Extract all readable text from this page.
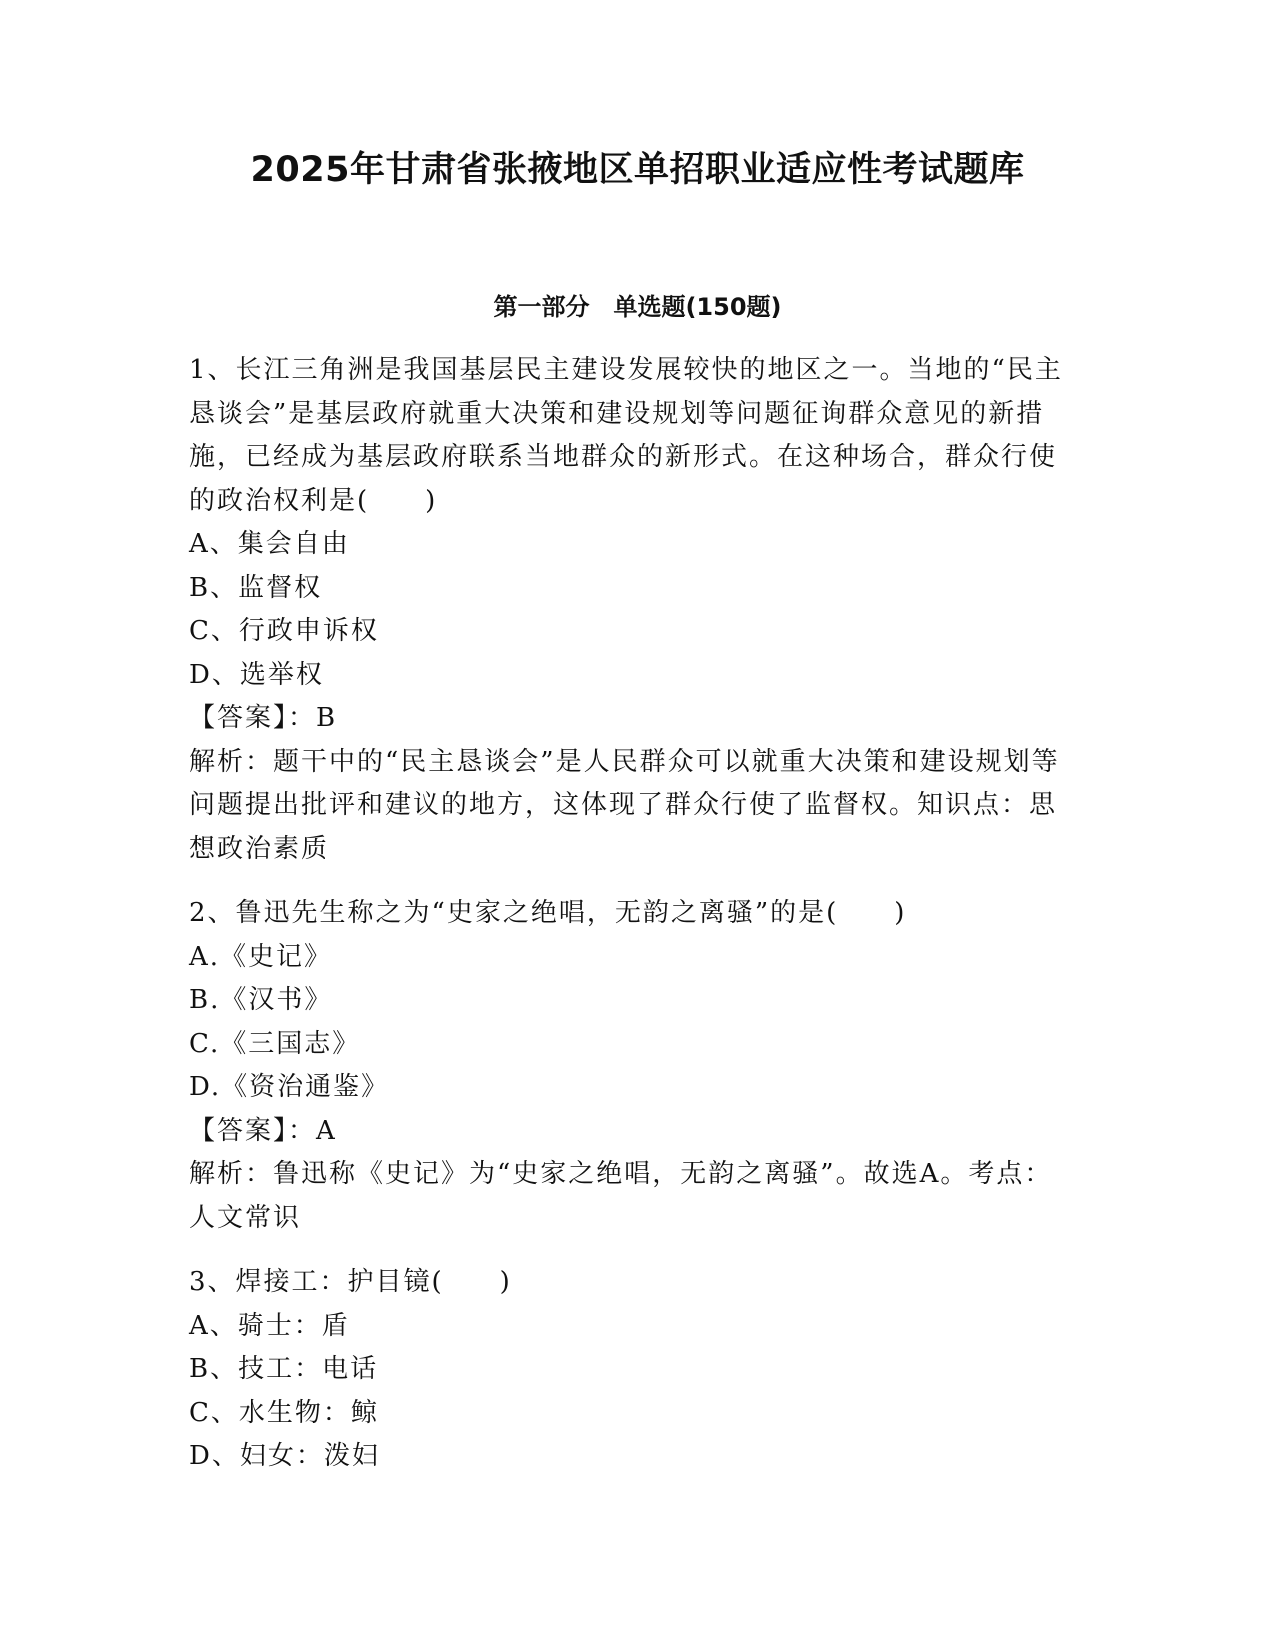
2025年甘肃省张掖地区单招职业适应性考试题库
第一部分　单选题(150题)

1、长江三角洲是我国基层民主建设发展较快的地区之一。当地的“民主恳谈会”是基层政府就重大决策和建设规划等问题征询群众意见的新措施，已经成为基层政府联系当地群众的新形式。在这种场合，群众行使的政治权利是(　　)

A、集会自由

B、监督权

C、行政申诉权

D、选举权

【答案】：B

解析：题干中的“民主恳谈会”是人民群众可以就重大决策和建设规划等问题提出批评和建议的地方，这体现了群众行使了监督权。知识点：思想政治素质

2、鲁迅先生称之为“史家之绝唱，无韵之离骚”的是(　　)

A.《史记》

B.《汉书》

C.《三国志》

D.《资治通鉴》

【答案】：A

解析：鲁迅称《史记》为“史家之绝唱，无韵之离骚”。故选A。考点：人文常识

3、焊接工：护目镜(　　)

A、骑士：盾

B、技工：电话

C、水生物：鲸

D、妇女：泼妇
